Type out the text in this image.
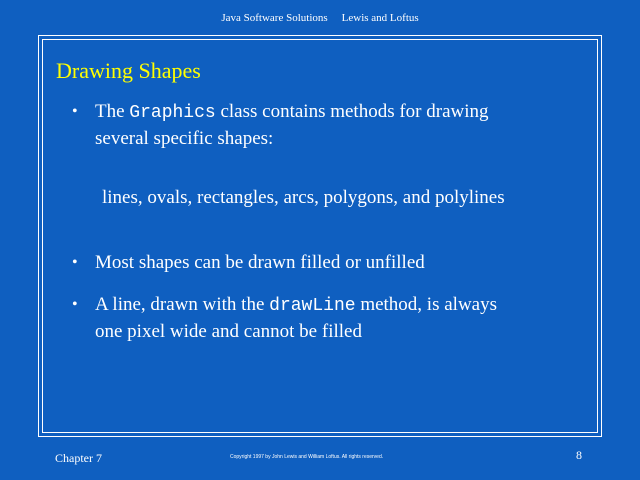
Java Software Solutions Lewis and Loftus
Drawing Shapes
• The Graphics class contains methods for drawing
several specific shapes:
lines, ovals, rectangles, arcs, polygons, and polylines
• Most shapes can be drawn filled or unfilled
• A line, drawn with the drawLine method, is always
one pixel wide and cannot be filled
Chapter 7	Copyright 1997 by John Lewis and William Loftus. All rights reserved.	8
